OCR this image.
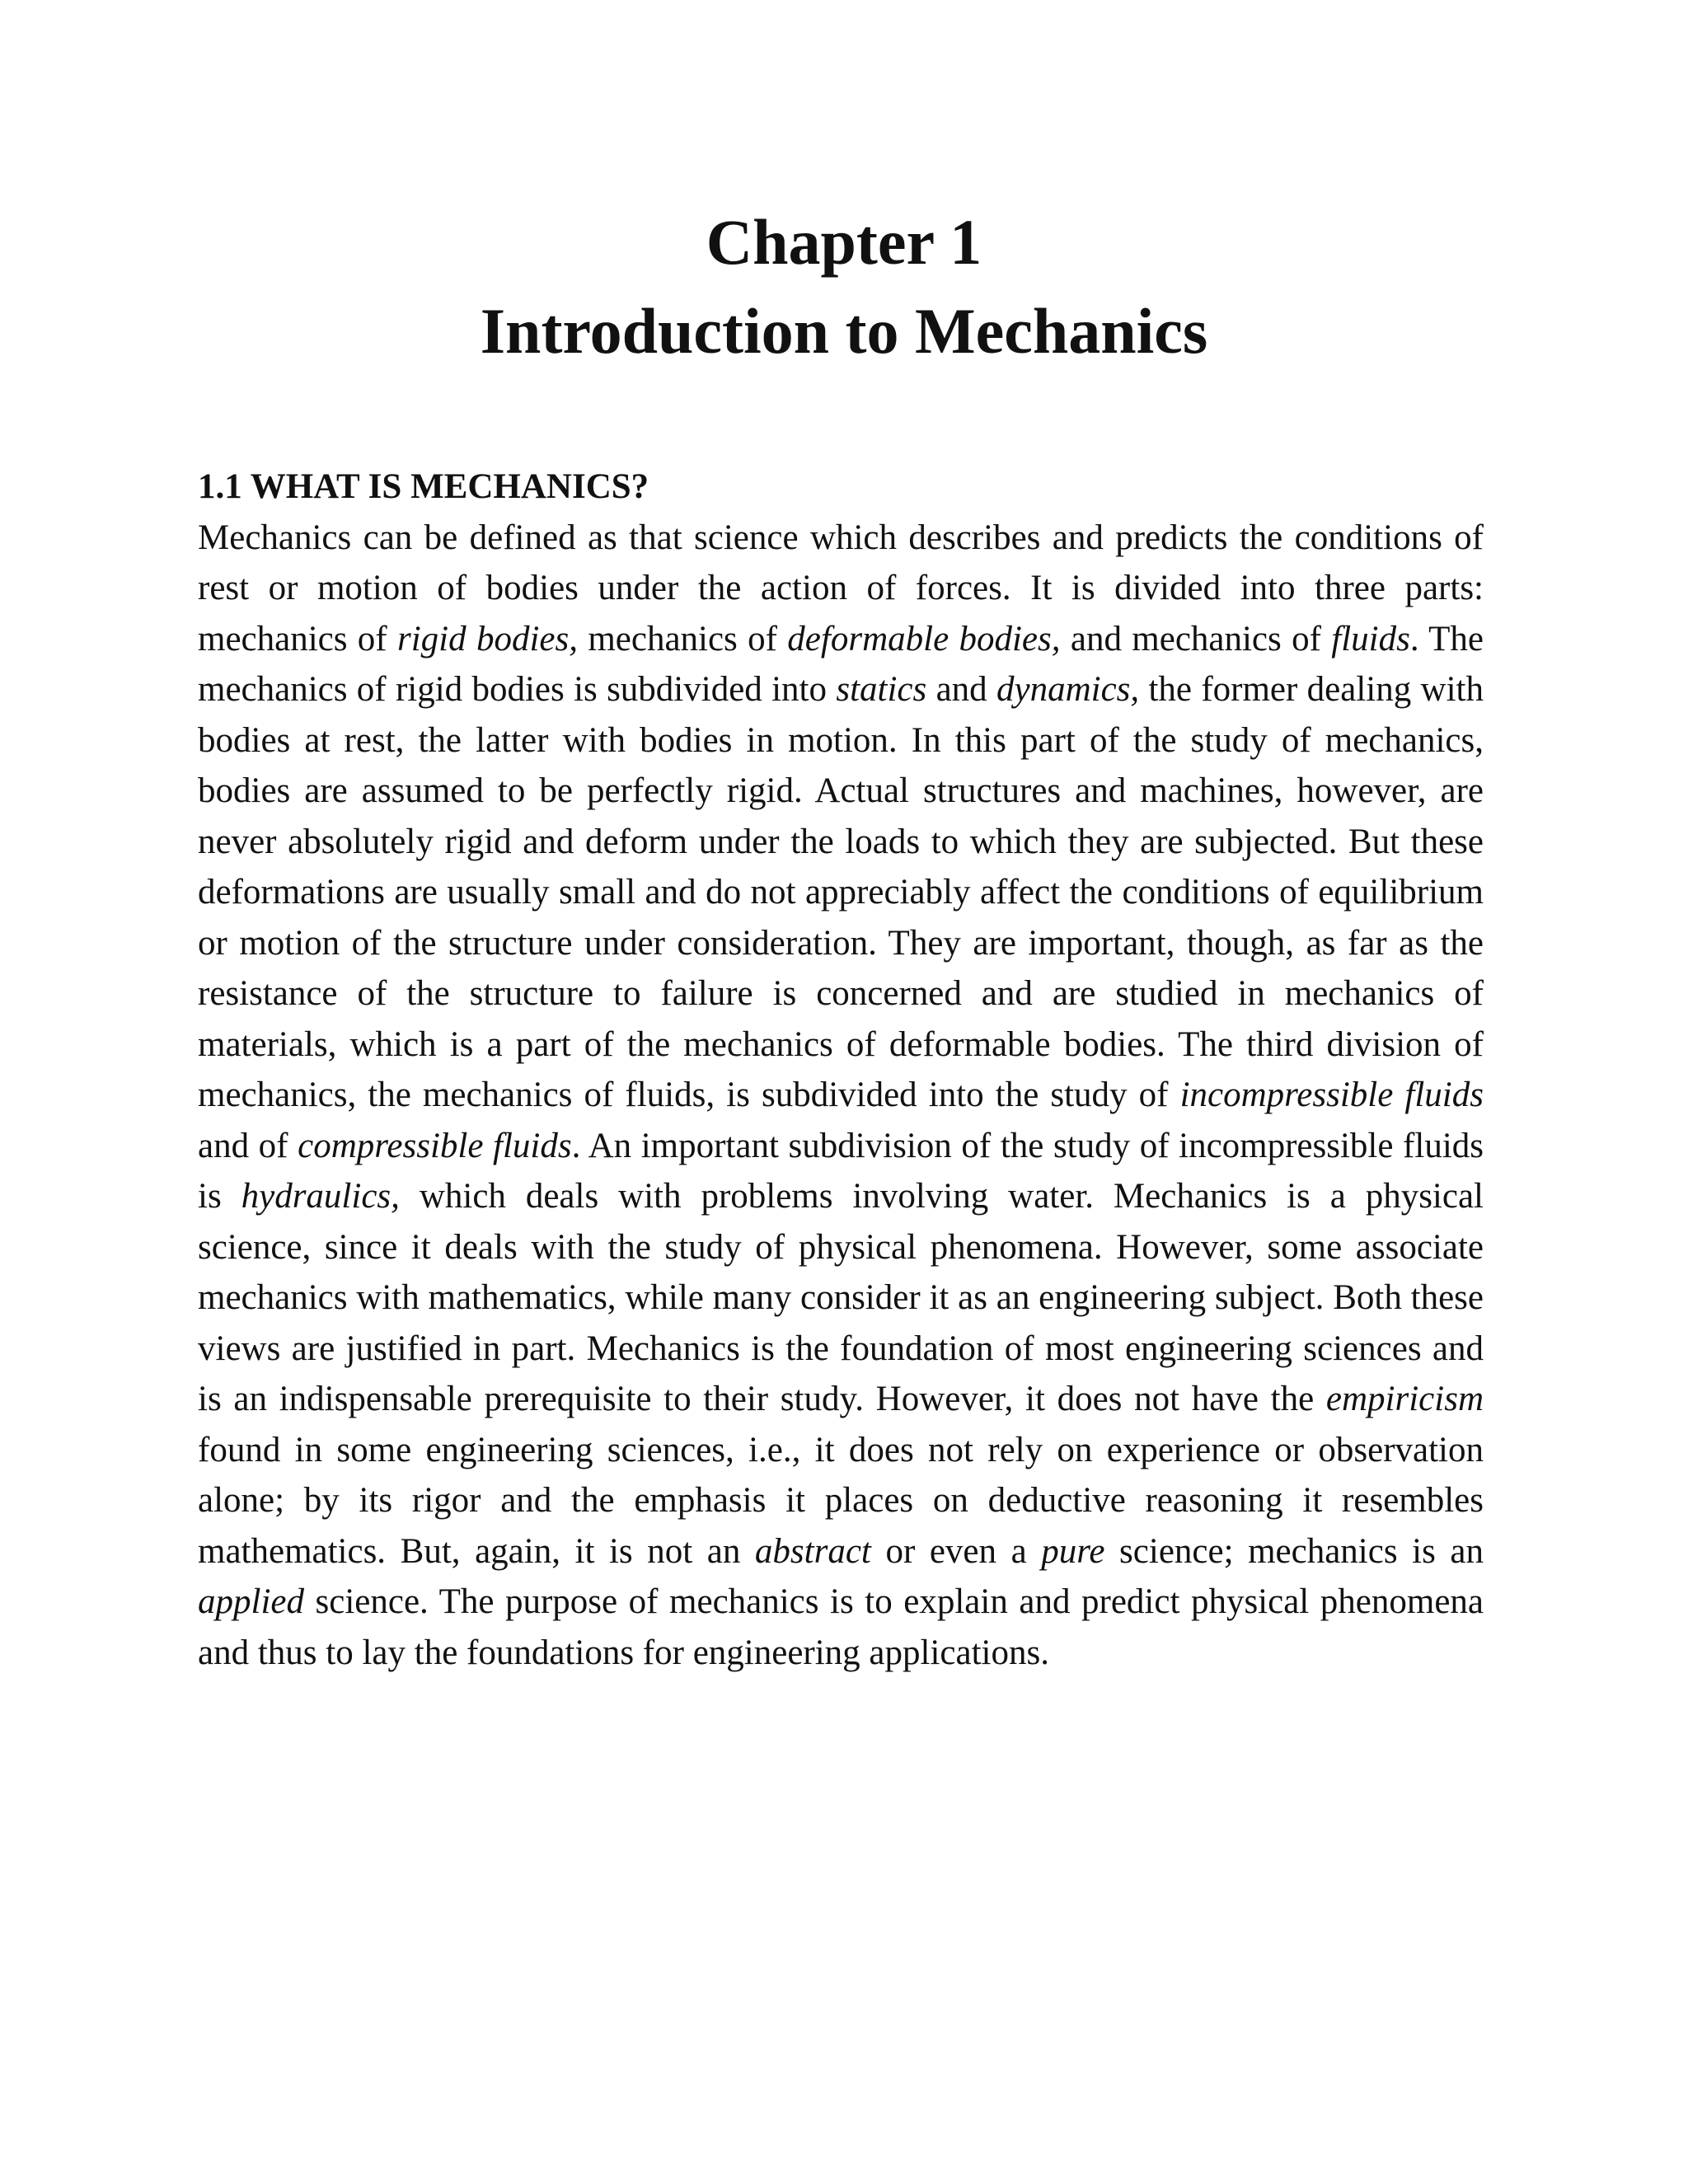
Chapter 1
Introduction to Mechanics
1.1 WHAT IS MECHANICS?

Mechanics can be defined as that science which describes and predicts the conditions of rest or motion of bodies under the action of forces. It is divided into three parts: mechanics of rigid bodies, mechanics of deformable bodies, and mechanics of fluids. The mechanics of rigid bodies is subdivided into statics and dynamics, the former dealing with bodies at rest, the latter with bodies in motion. In this part of the study of mechanics, bodies are assumed to be perfectly rigid. Actual structures and machines, however, are never absolutely rigid and deform under the loads to which they are subjected. But these deformations are usually small and do not appreciably affect the conditions of equilibrium or motion of the structure under consideration. They are important, though, as far as the resistance of the structure to failure is concerned and are studied in mechanics of materials, which is a part of the mechanics of deformable bodies. The third division of mechanics, the mechanics of fluids, is subdivided into the study of incompressible fluids and of compressible fluids. An important subdivision of the study of incompressible fluids is hydraulics, which deals with problems involving water. Mechanics is a physical science, since it deals with the study of physical phenomena. However, some associate mechanics with mathematics, while many consider it as an engineering subject. Both these views are justified in part. Mechanics is the foundation of most engineering sciences and is an indispensable prerequisite to their study. However, it does not have the empiricism found in some engineering sciences, i.e., it does not rely on experience or observation alone; by its rigor and the emphasis it places on deductive reasoning it resembles mathematics. But, again, it is not an abstract or even a pure science; mechanics is an applied science. The purpose of mechanics is to explain and predict physical phenomena and thus to lay the foundations for engineering applications.
